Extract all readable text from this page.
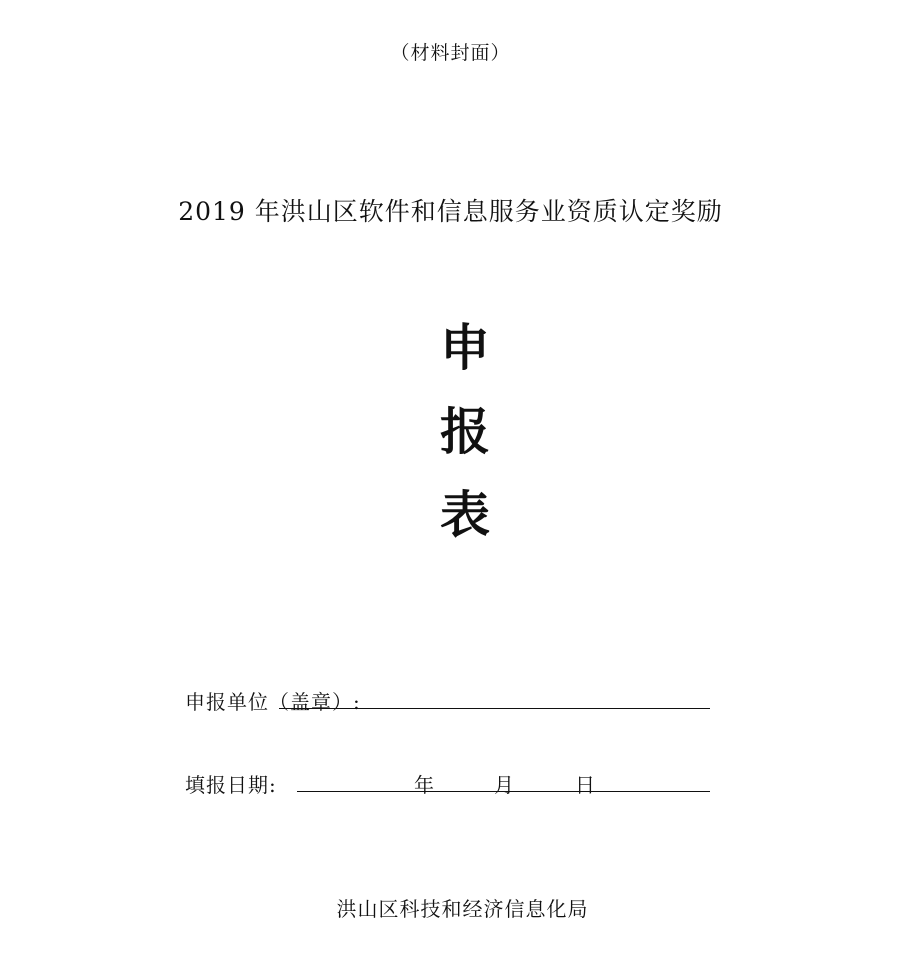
（材料封面）
2019 年洪山区软件和信息服务业资质认定奖励
申
报
表
申报单位（盖章）:
填报日期:	年	月	日
洪山区科技和经济信息化局
